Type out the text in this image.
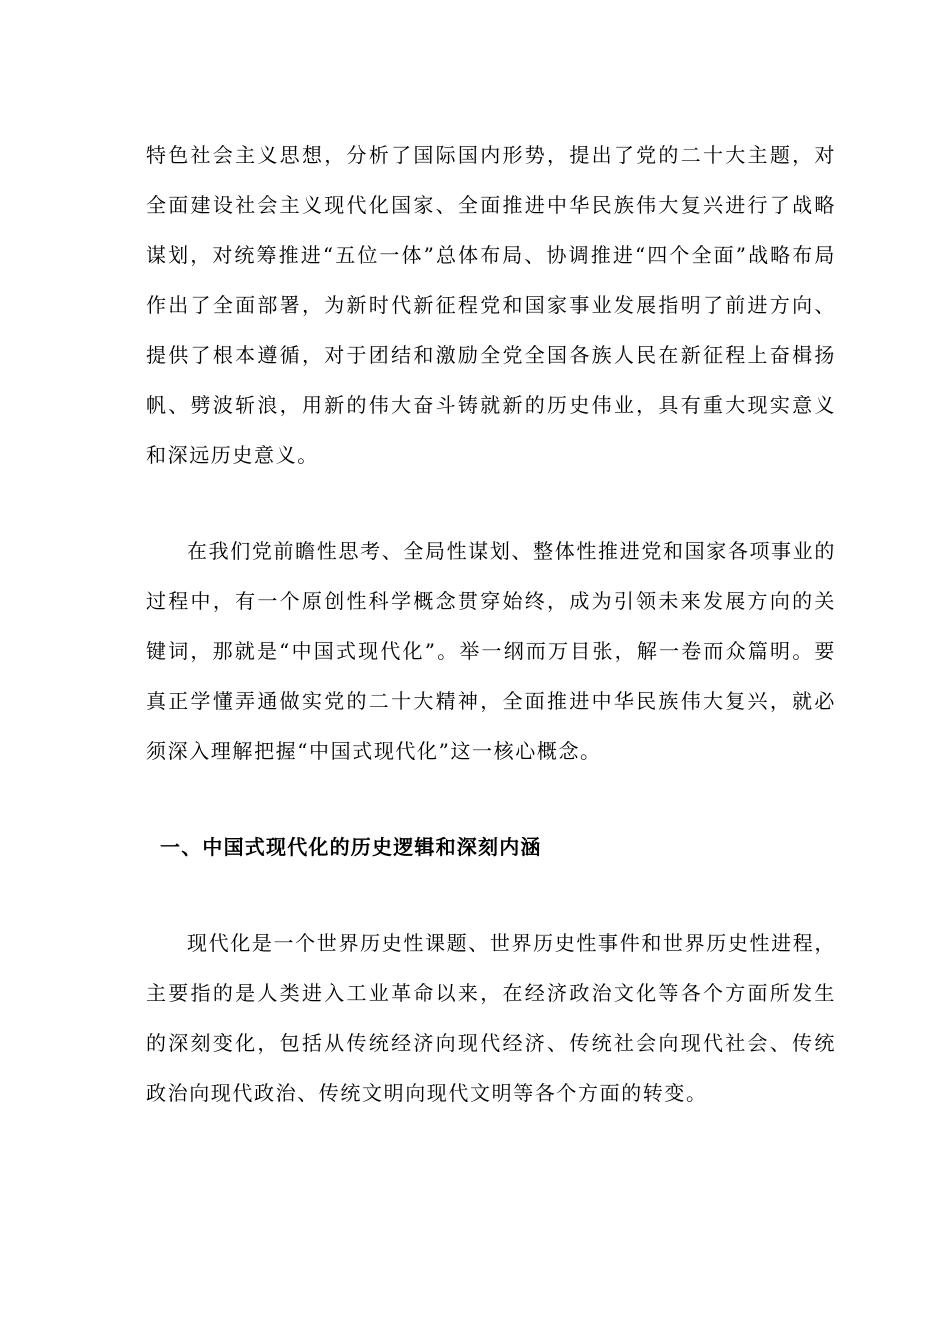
特色社会主义思想，分析了国际国内形势，提出了党的二十大主题，对全面建设社会主义现代化国家、全面推进中华民族伟大复兴进行了战略谋划，对统筹推进“五位一体”总体布局、协调推进“四个全面”战略布局作出了全面部署，为新时代新征程党和国家事业发展指明了前进方向、提供了根本遵循，对于团结和激励全党全国各族人民在新征程上奋楫扬帆、劈波斩浪，用新的伟大奋斗铸就新的历史伟业，具有重大现实意义和深远历史意义。

在我们党前瞻性思考、全局性谋划、整体性推进党和国家各项事业的过程中，有一个原创性科学概念贯穿始终，成为引领未来发展方向的关键词，那就是“中国式现代化”。举一纲而万目张，解一卷而众篇明。要真正学懂弄通做实党的二十大精神，全面推进中华民族伟大复兴，就必须深入理解把握“中国式现代化”这一核心概念。

一、中国式现代化的历史逻辑和深刻内涵

现代化是一个世界历史性课题、世界历史性事件和世界历史性进程，主要指的是人类进入工业革命以来，在经济政治文化等各个方面所发生的深刻变化，包括从传统经济向现代经济、传统社会向现代社会、传统政治向现代政治、传统文明向现代文明等各个方面的转变。
